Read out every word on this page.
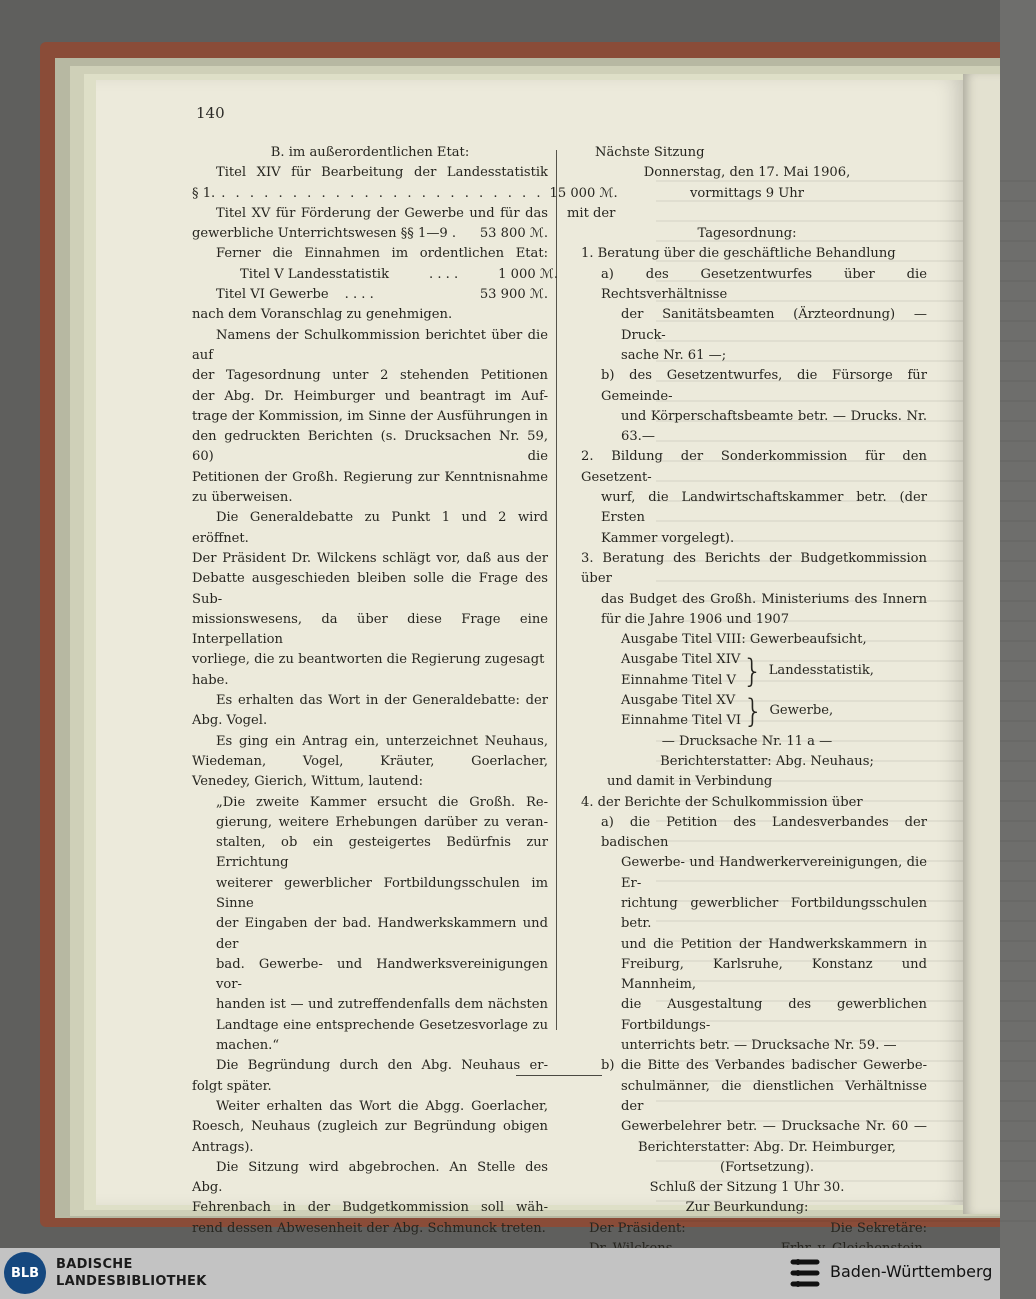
140

B. im außerordentlichen Etat:

Titel XIV für Bearbeitung der Landesstatistik

§ 1. . . . . . . . . . . . . . . . . . . . . . . . 15 000 ℳ.

Titel XV für Förderung der Gewerbe und für das

gewerbliche Unterrichtswesen §§ 1—9 . 53 800 ℳ.

Ferner die Einnahmen im ordentlichen Etat:

Titel V Landesstatistik	. . . .	1 000 ℳ.
Titel VI Gewerbe	. . . .	53 900 ℳ.

nach dem Voranschlag zu genehmigen.

Namens der Schulkommission berichtet über die auf

der Tagesordnung unter 2 stehenden Petitionen

der Abg. Dr. Heimburger und beantragt im Auf-

trage der Kommission, im Sinne der Ausführungen in

den gedruckten Berichten (s. Drucksachen Nr. 59, 60) die

Petitionen der Großh. Regierung zur Kenntnisnahme

zu überweisen.

Die Generaldebatte zu Punkt 1 und 2 wird eröffnet.

Der Präsident Dr. Wilckens schlägt vor, daß aus der

Debatte ausgeschieden bleiben solle die Frage des Sub-

missionswesens, da über diese Frage eine Interpellation

vorliege, die zu beantworten die Regierung zugesagt habe.

Es erhalten das Wort in der Generaldebatte: der

Abg. Vogel.

Es ging ein Antrag ein, unterzeichnet Neuhaus,

Wiedeman, Vogel, Kräuter, Goerlacher,

Venedey, Gierich, Wittum, lautend:

„Die zweite Kammer ersucht die Großh. Re-

gierung, weitere Erhebungen darüber zu veran-

stalten, ob ein gesteigertes Bedürfnis zur Errichtung

weiterer gewerblicher Fortbildungsschulen im Sinne

der Eingaben der bad. Handwerkskammern und der

bad. Gewerbe- und Handwerksvereinigungen vor-

handen ist — und zutreffendenfalls dem nächsten

Landtage eine entsprechende Gesetzesvorlage zu

machen.“

Die Begründung durch den Abg. Neuhaus er-

folgt später.

Weiter erhalten das Wort die Abgg. Goerlacher,

Roesch, Neuhaus (zugleich zur Begründung obigen

Antrags).

Die Sitzung wird abgebrochen. An Stelle des Abg.

Fehrenbach in der Budgetkommission soll wäh-

rend dessen Abwesenheit der Abg. Schmunck treten.

Nächste Sitzung

Donnerstag, den 17. Mai 1906,

vormittags 9 Uhr

mit der

Tagesordnung:

1. Beratung über die geschäftliche Behandlung

a) des Gesetzentwurfes über die Rechtsverhältnisse

der Sanitätsbeamten (Ärzteordnung) — Druck-

sache Nr. 61 —;

b) des Gesetzentwurfes, die Fürsorge für Gemeinde-

und Körperschaftsbeamte betr. — Drucks. Nr. 63.—

2. Bildung der Sonderkommission für den Gesetzent-

wurf, die Landwirtschaftskammer betr. (der Ersten

Kammer vorgelegt).

3. Beratung des Berichts der Budgetkommission über

das Budget des Großh. Ministeriums des Innern

für die Jahre 1906 und 1907

Ausgabe Titel VIII: Gewerbeaufsicht,

Ausgabe Titel XIV
Einnahme Titel V } Landesstatistik,
Ausgabe Titel XV
Einnahme Titel VI } Gewerbe,

— Drucksache Nr. 11 a —

Berichterstatter: Abg. Neuhaus;

und damit in Verbindung

4. der Berichte der Schulkommission über

a) die Petition des Landesverbandes der badischen

Gewerbe- und Handwerkervereinigungen, die Er-

richtung gewerblicher Fortbildungsschulen betr.

und die Petition der Handwerkskammern in

Freiburg, Karlsruhe, Konstanz und Mannheim,

die Ausgestaltung des gewerblichen Fortbildungs-

unterrichts betr. — Drucksache Nr. 59. —

b) die Bitte des Verbandes badischer Gewerbe-

schulmänner, die dienstlichen Verhältnisse der

Gewerbelehrer betr. — Drucksache Nr. 60 —

Berichterstatter: Abg. Dr. Heimburger,

(Fortsetzung).

Schluß der Sitzung 1 Uhr 30.

Zur Beurkundung:

Der Präsident:	Die Sekretäre:

BLB
BADISCHE
LANDESBIBLIOTHEK
Baden-Württemberg
